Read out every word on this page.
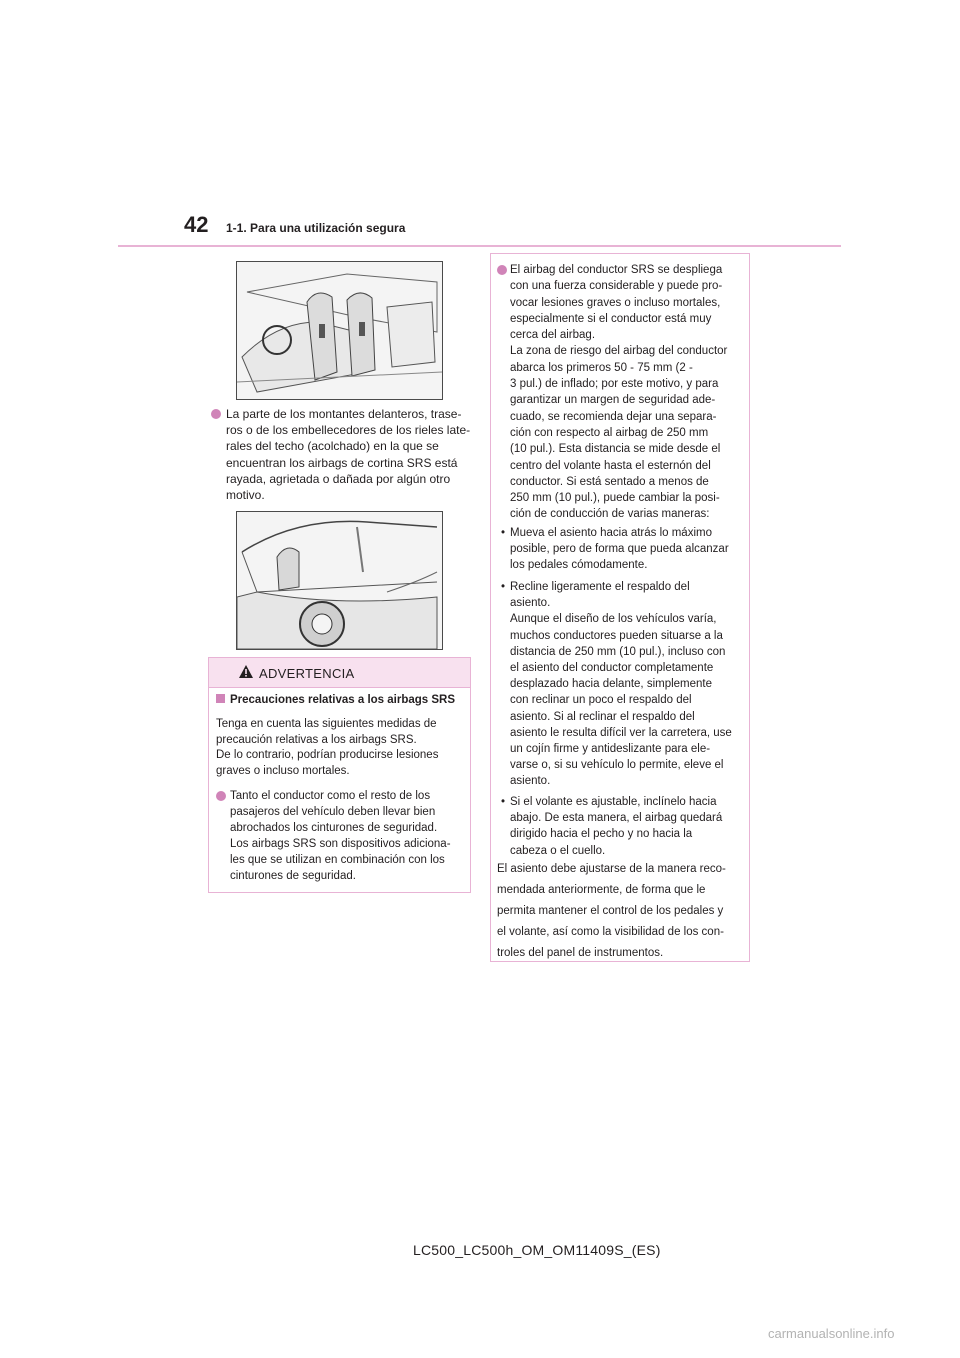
42 1-1. Para una utilización segura
La parte de los montantes delanteros, trase-
ros o de los embellecedores de los rieles late-
rales del techo (acolchado) en la que se
encuentran los airbags de cortina SRS está
rayada, agrietada o dañada por algún otro
motivo.
ADVERTENCIA
Precauciones relativas a los airbags SRS
Tenga en cuenta las siguientes medidas de
precaución relativas a los airbags SRS.
De lo contrario, podrían producirse lesiones
graves o incluso mortales.
Tanto el conductor como el resto de los
pasajeros del vehículo deben llevar bien
abrochados los cinturones de seguridad.
Los airbags SRS son dispositivos adiciona-
les que se utilizan en combinación con los
cinturones de seguridad.
El airbag del conductor SRS se despliega
con una fuerza considerable y puede pro-
vocar lesiones graves o incluso mortales,
especialmente si el conductor está muy
cerca del airbag.
La zona de riesgo del airbag del conductor
abarca los primeros 50 - 75 mm (2 -
3 pul.) de inflado; por este motivo, y para
garantizar un margen de seguridad ade-
cuado, se recomienda dejar una separa-
ción con respecto al airbag de 250 mm
(10 pul.). Esta distancia se mide desde el
centro del volante hasta el esternón del
conductor. Si está sentado a menos de
250 mm (10 pul.), puede cambiar la posi-
ción de conducción de varias maneras:
• Mueva el asiento hacia atrás lo máximo
posible, pero de forma que pueda alcanzar
los pedales cómodamente.
• Recline ligeramente el respaldo del
asiento.
Aunque el diseño de los vehículos varía,
muchos conductores pueden situarse a la
distancia de 250 mm (10 pul.), incluso con
el asiento del conductor completamente
desplazado hacia delante, simplemente
con reclinar un poco el respaldo del
asiento. Si al reclinar el respaldo del
asiento le resulta difícil ver la carretera, use
un cojín firme y antideslizante para ele-
varse o, si su vehículo lo permite, eleve el
asiento.
• Si el volante es ajustable, inclínelo hacia
abajo. De esta manera, el airbag quedará
dirigido hacia el pecho y no hacia la
cabeza o el cuello.
El asiento debe ajustarse de la manera reco-
mendada anteriormente, de forma que le
permita mantener el control de los pedales y
el volante, así como la visibilidad de los con-
troles del panel de instrumentos.
LC500_LC500h_OM_OM11409S_(ES)
carmanualsonline.info
